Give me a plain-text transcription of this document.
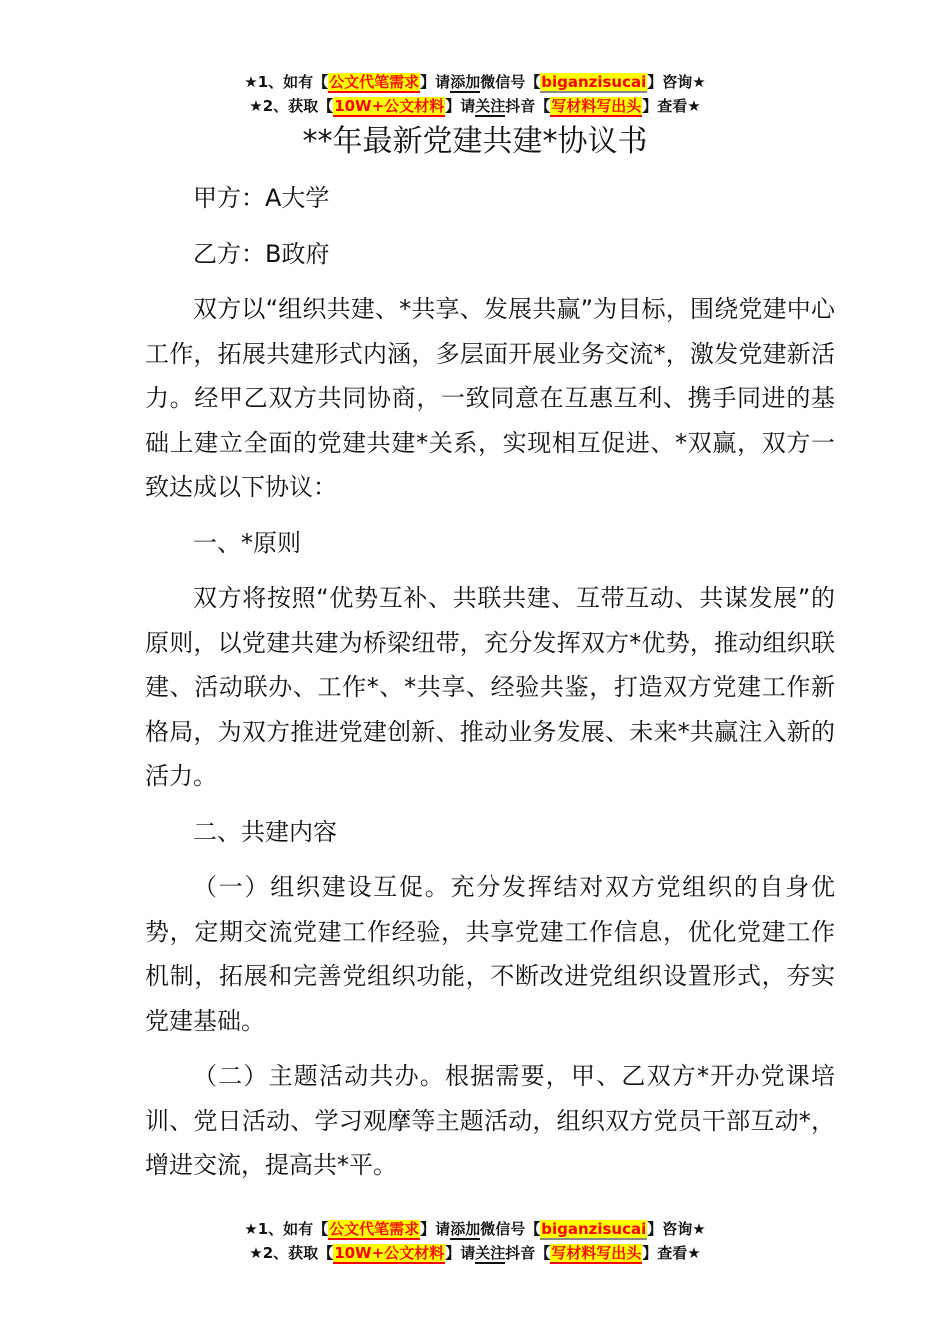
★1、如有【公文代笔需求】请添加微信号【biganzisucai】咨询★
★2、获取【10W+公文材料】请关注抖音【写材料写出头】查看★
**年最新党建共建*协议书

甲方：A大学

乙方：B政府

双方以“组织共建、*共享、发展共赢”为目标，围绕党建中心工作，拓展共建形式内涵，多层面开展业务交流*，激发党建新活力。经甲乙双方共同协商，一致同意在互惠互利、携手同进的基础上建立全面的党建共建*关系，实现相互促进、*双赢，双方一致达成以下协议：

一、*原则

双方将按照“优势互补、共联共建、互带互动、共谋发展”的原则，以党建共建为桥梁纽带，充分发挥双方*优势，推动组织联建、活动联办、工作*、*共享、经验共鉴，打造双方党建工作新格局，为双方推进党建创新、推动业务发展、未来*共赢注入新的活力。

二、共建内容

（一）组织建设互促。充分发挥结对双方党组织的自身优势，定期交流党建工作经验，共享党建工作信息，优化党建工作机制，拓展和完善党组织功能，不断改进党组织设置形式，夯实党建基础。

（二）主题活动共办。根据需要，甲、乙双方*开办党课培训、党日活动、学习观摩等主题活动，组织双方党员干部互动*，增进交流，提高共*平。

★1、如有【公文代笔需求】请添加微信号【biganzisucai】咨询★
★2、获取【10W+公文材料】请关注抖音【写材料写出头】查看★
